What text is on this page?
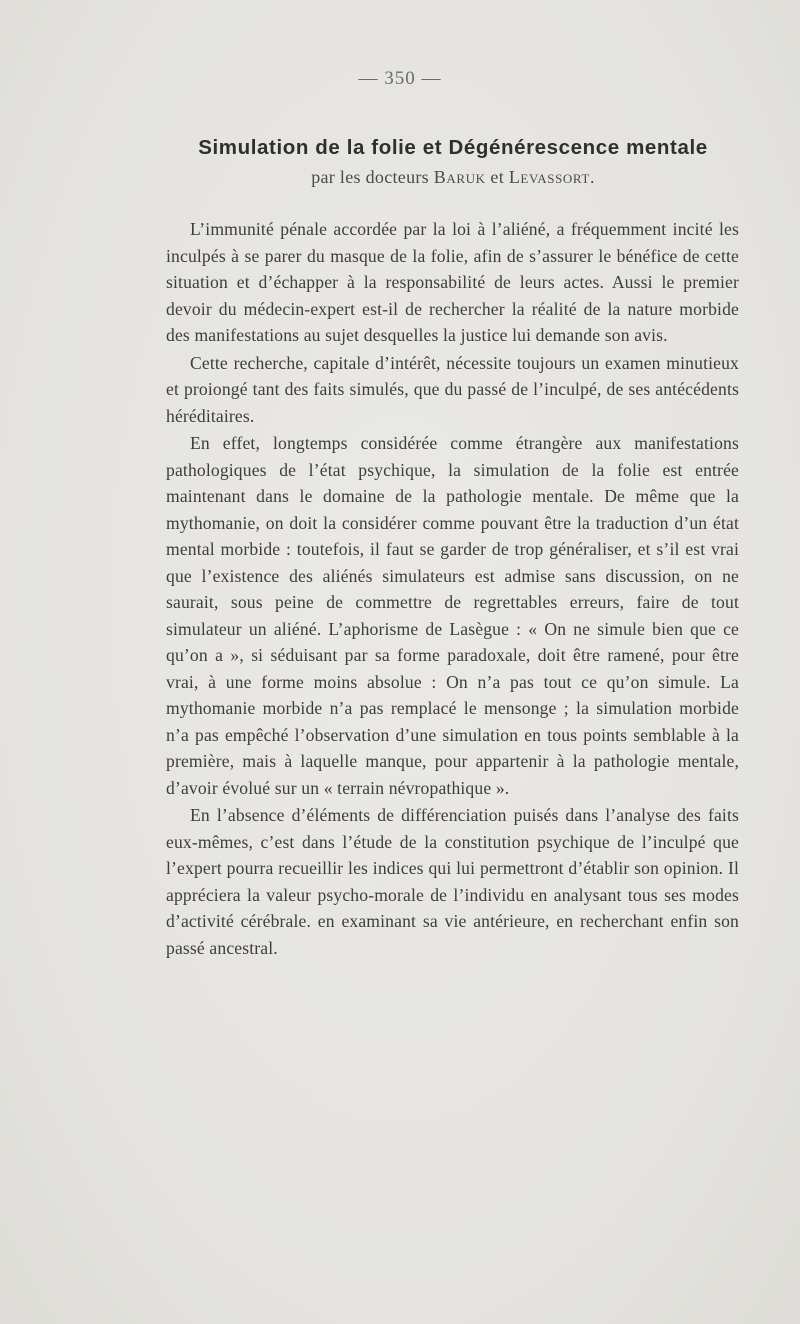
— 350 —
Simulation de la folie et Dégénérescence mentale

par les docteurs Baruk et Levassort.

L’immunité pénale accordée par la loi à l’aliéné, a fréquemment incité les inculpés à se parer du masque de la folie, afin de s’assurer le bénéfice de cette situation et d’échapper à la responsabilité de leurs actes. Aussi le premier devoir du médecin-expert est-il de rechercher la réalité de la nature morbide des manifestations au sujet desquelles la justice lui demande son avis.

Cette recherche, capitale d’intérêt, nécessite toujours un examen minutieux et proiongé tant des faits simulés, que du passé de l’inculpé, de ses antécédents héréditaires.

En effet, longtemps considérée comme étrangère aux manifestations pathologiques de l’état psychique, la simulation de la folie est entrée maintenant dans le domaine de la pathologie mentale. De même que la mythomanie, on doit la considérer comme pouvant être la traduction d’un état mental morbide : toutefois, il faut se garder de trop généraliser, et s’il est vrai que l’existence des aliénés simulateurs est admise sans discussion, on ne saurait, sous peine de commettre de regrettables erreurs, faire de tout simulateur un aliéné. L’aphorisme de Lasègue : « On ne simule bien que ce qu’on a », si séduisant par sa forme paradoxale, doit être ramené, pour être vrai, à une forme moins absolue : On n’a pas tout ce qu’on simule. La mythomanie morbide n’a pas remplacé le mensonge ; la simulation morbide n’a pas empêché l’observation d’une simulation en tous points semblable à la première, mais à laquelle manque, pour appartenir à la pathologie mentale, d’avoir évolué sur un « terrain névropathique ».

En l’absence d’éléments de différenciation puisés dans l’analyse des faits eux-mêmes, c’est dans l’étude de la constitution psychique de l’inculpé que l’expert pourra recueillir les indices qui lui permettront d’établir son opinion. Il appréciera la valeur psycho-morale de l’individu en analysant tous ses modes d’activité cérébrale. en examinant sa vie antérieure, en recherchant enfin son passé ancestral.
